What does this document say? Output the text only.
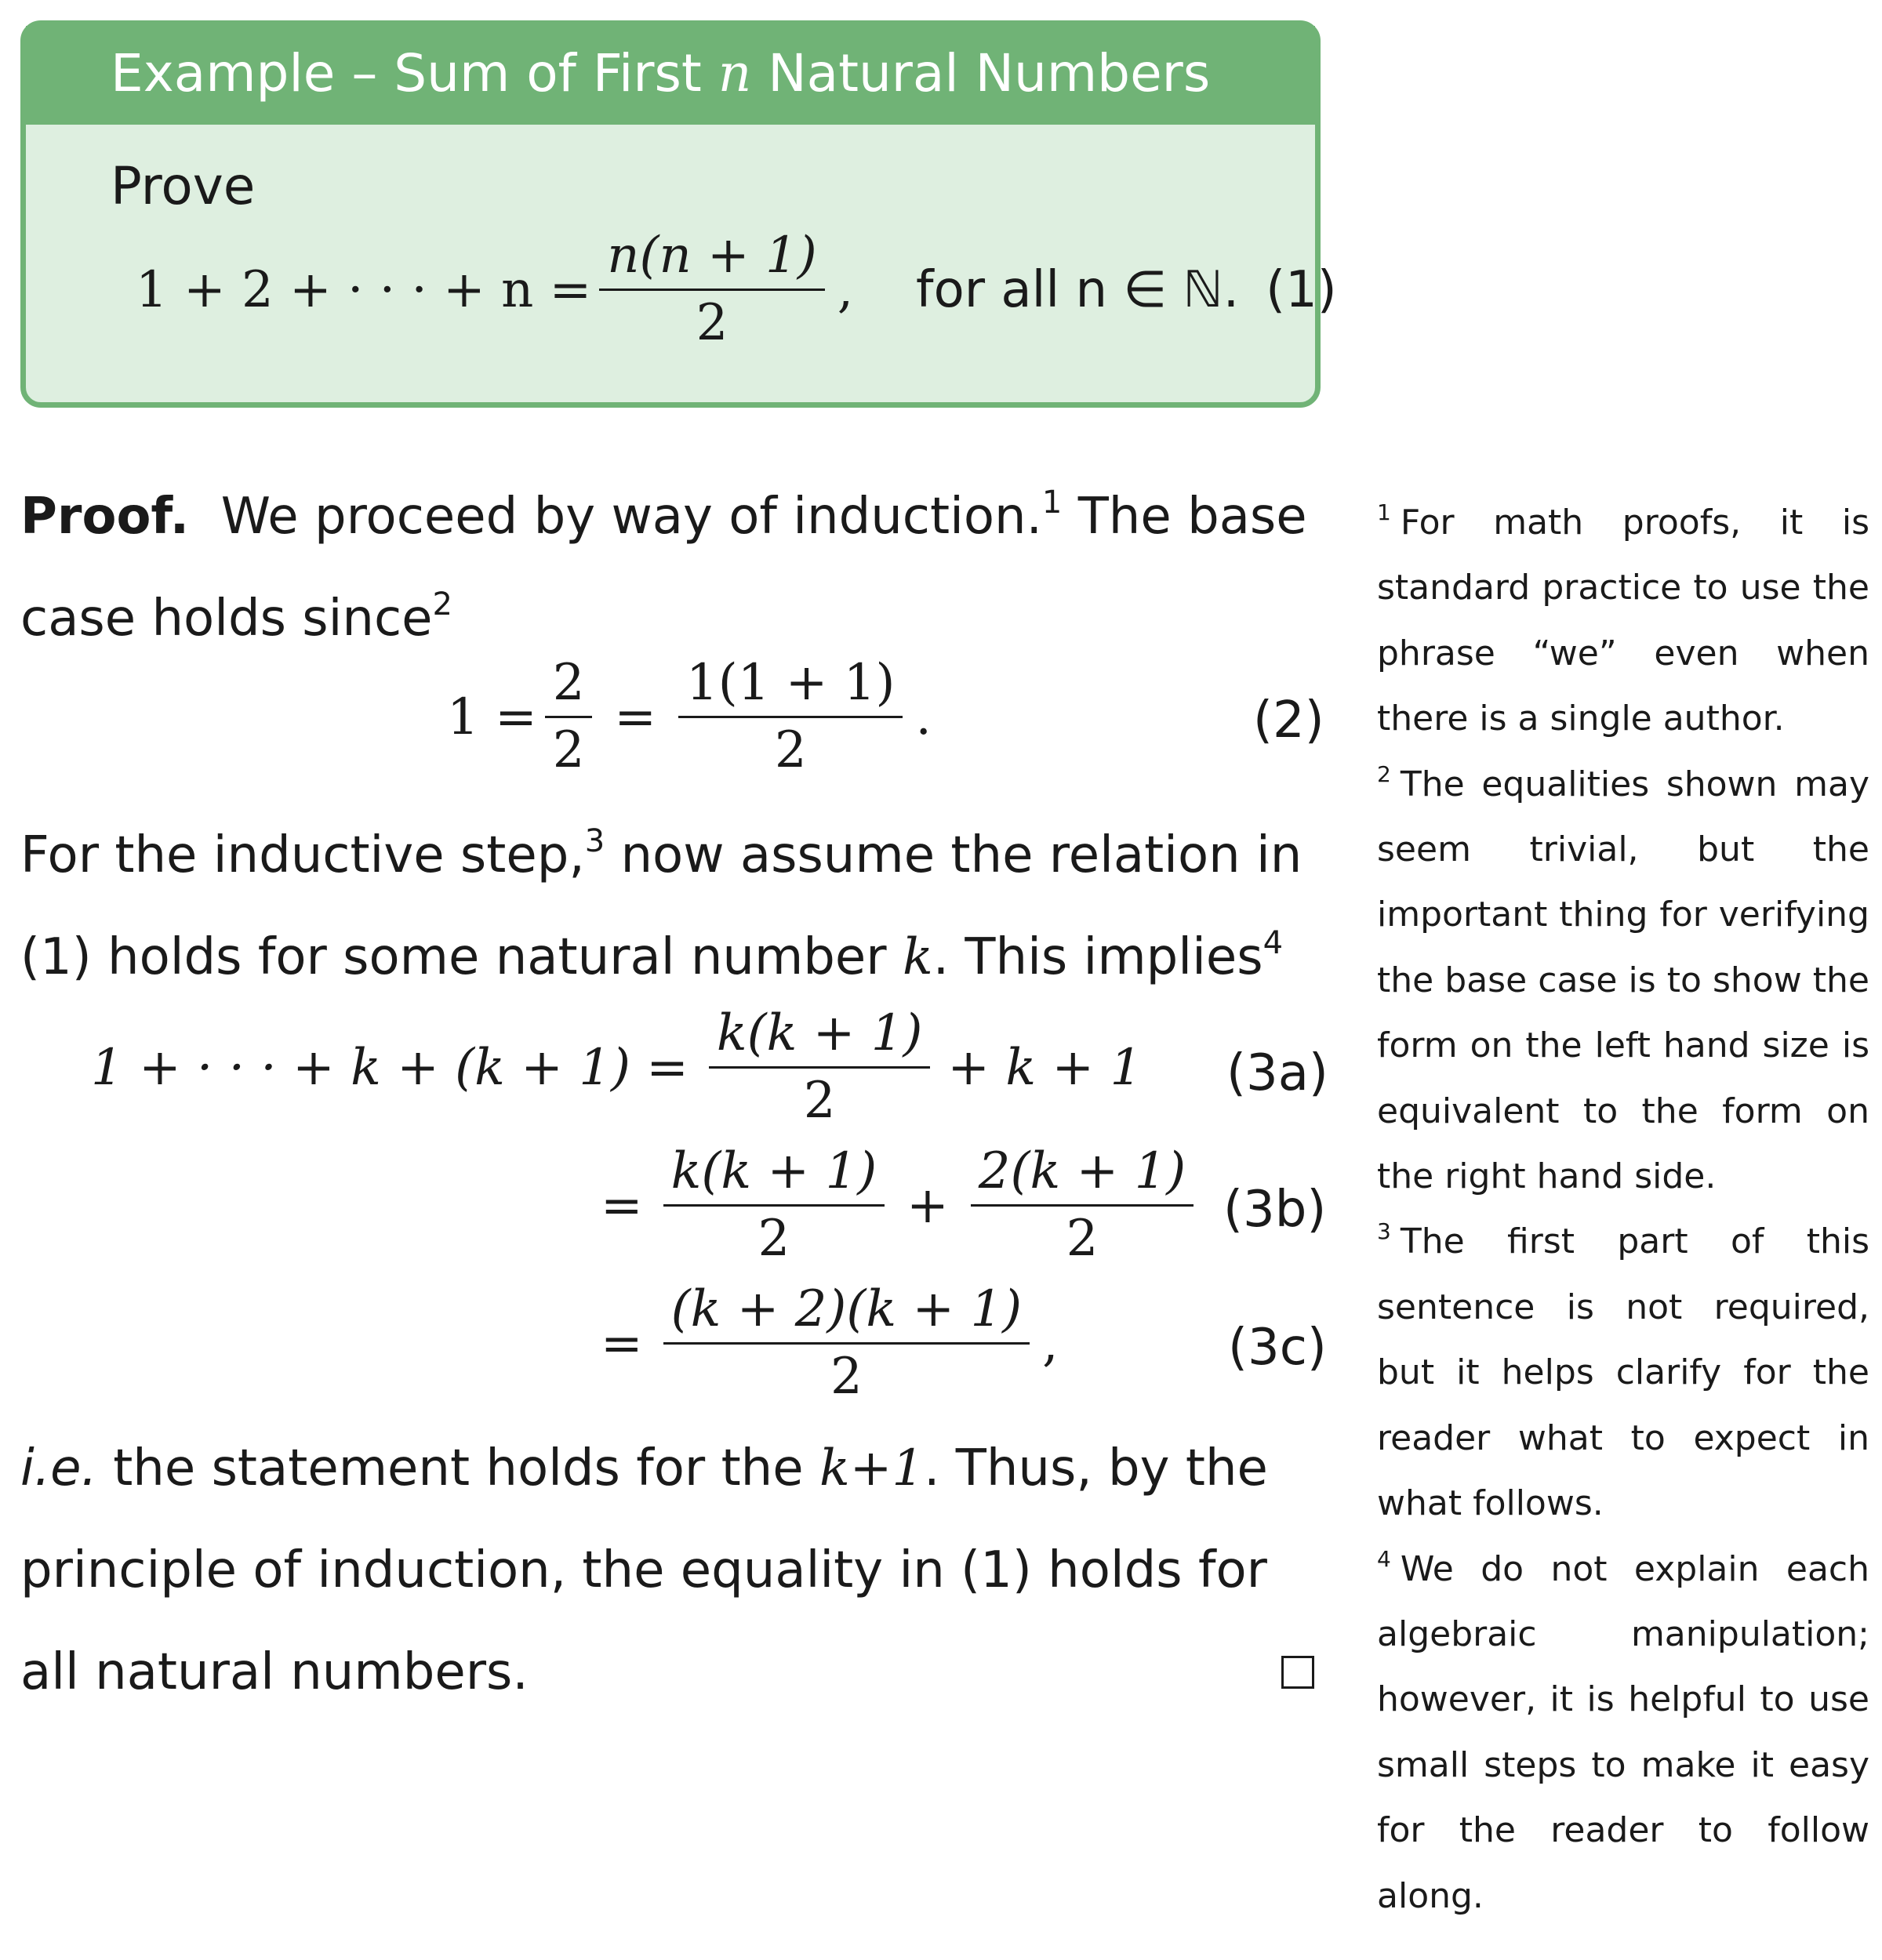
Example – Sum of First n Natural Numbers
Prove
1 + 2 + · · · + $n = \frac{n(n + 1)}{2}$ , for all n ∈ ℕ. (1)

Proof. We proceed by way of induction.$^1$ The base case holds since$^2$

$1 = \frac{2}{2} = \frac{1(1 + 1)}{2}$ .	(2)

For the inductive step,$^3$ now assume the relation in (1) holds for some natural number k. This implies$^4$

1 + · · · + $k + (k + 1) = \frac{k(k + 1)}{2} + k + 1$ (3a)
= $\frac{k(k + 1)}{2} + \frac{2(k + 1)}{2} (3b)$
= $\frac{(k + 2)(k + 1)}{2}$ ,	(3c)

i.e. the statement holds for the k+1. Thus, by the principle of induction, the equality in (1) holds for all natural numbers.

$^1$ For math proofs, it is standard practice to use the phrase “we” even when there is a single author.

$^2$ The equalities shown may seem trivial, but the important thing for verifying the base case is to show the form on the left hand size is equivalent to the form on the right hand side.

$^3$ The first part of this sentence is not required, but it helps clarify for the reader what to expect in what follows.

$^4$ We do not explain each algebraic manipulation; however, it is helpful to use small steps to make it easy for the reader to follow along.
